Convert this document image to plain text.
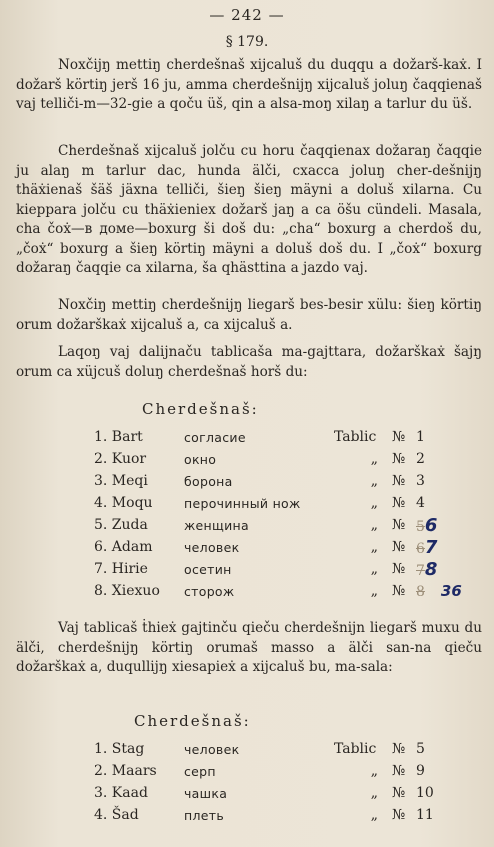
— 242 —
§ 179.

Noxčijŋ mettiŋ cherdešnaš xijcaluš du duqqu a dožarš-kaẋ. I dožarš körtiŋ jerš 16 ju, amma cherdešnijŋ xijcaluš joluŋ čaqqienaš vaj telliči-m—32-gie a qoču üš, qin a alsa-moŋ xilaŋ a tarlur du üš.

Cherdešnaš xijcaluš jolču cu horu čaqqienax dožaraŋ čaqqie ju alaŋ m tarlur dac, hunda älči, cxacca joluŋ cher-dešnijŋ thäẋienaš šäš jäxna telliči, šieŋ šieŋ mäyni a doluš xilarna. Cu kieppara jolču cu thäẋieniex dožarš jaŋ a ca öšu cündeli. Masala, cha čoẋ—в доме—boxurg ši doš du: „cha“ boxurg a cherdoš du, „čoẋ“ boxurg a šieŋ körtiŋ mäyni a doluš doš du. I „čoẋ“ boxurg dožaraŋ čaqqie ca xilarna, ša qhästtina a jazdo vaj.

Noxčiŋ mettiŋ cherdešnijŋ liegarš bes-besir xülu: šieŋ körtiŋ orum dožarškaẋ xijcaluš a, ca xijcaluš a.

Laqoŋ vaj dalijnaču tablicaša ma-gajttara, dožarškaẋ šajŋ orum ca xüjcuš doluŋ cherdešnaš horš du:

Cherdešnaš:
1. Bart	согласие	Tablic	№	1
2. Kuor	окно	„	№	2
3. Meqi	борона	„	№	3
4. Moqu	перочинный нож	„	№	4
5. Zuda	женщина	„	№	56
6. Adam	человек	„	№	67
7. Hirie	осетин	„	№	78
8. Xiexuo	сторож	„	№	8 36

Vaj tablicaš ṫhieẋ gajtinču qieču cherdešnijn liegarš muxu du älči, cherdešnijŋ körtiŋ orumaš masso a älči san-na qieču dožarškaẋ a, duqullijŋ xiesapieẋ a xijcaluš bu, ma-sala:

Cherdešnaš:
1. Stag	человек	Tablic	№	5
2. Maars	серп	„	№	9
3. Kaad	чашка	„	№	10
4. Šad	плеть	„	№	11
